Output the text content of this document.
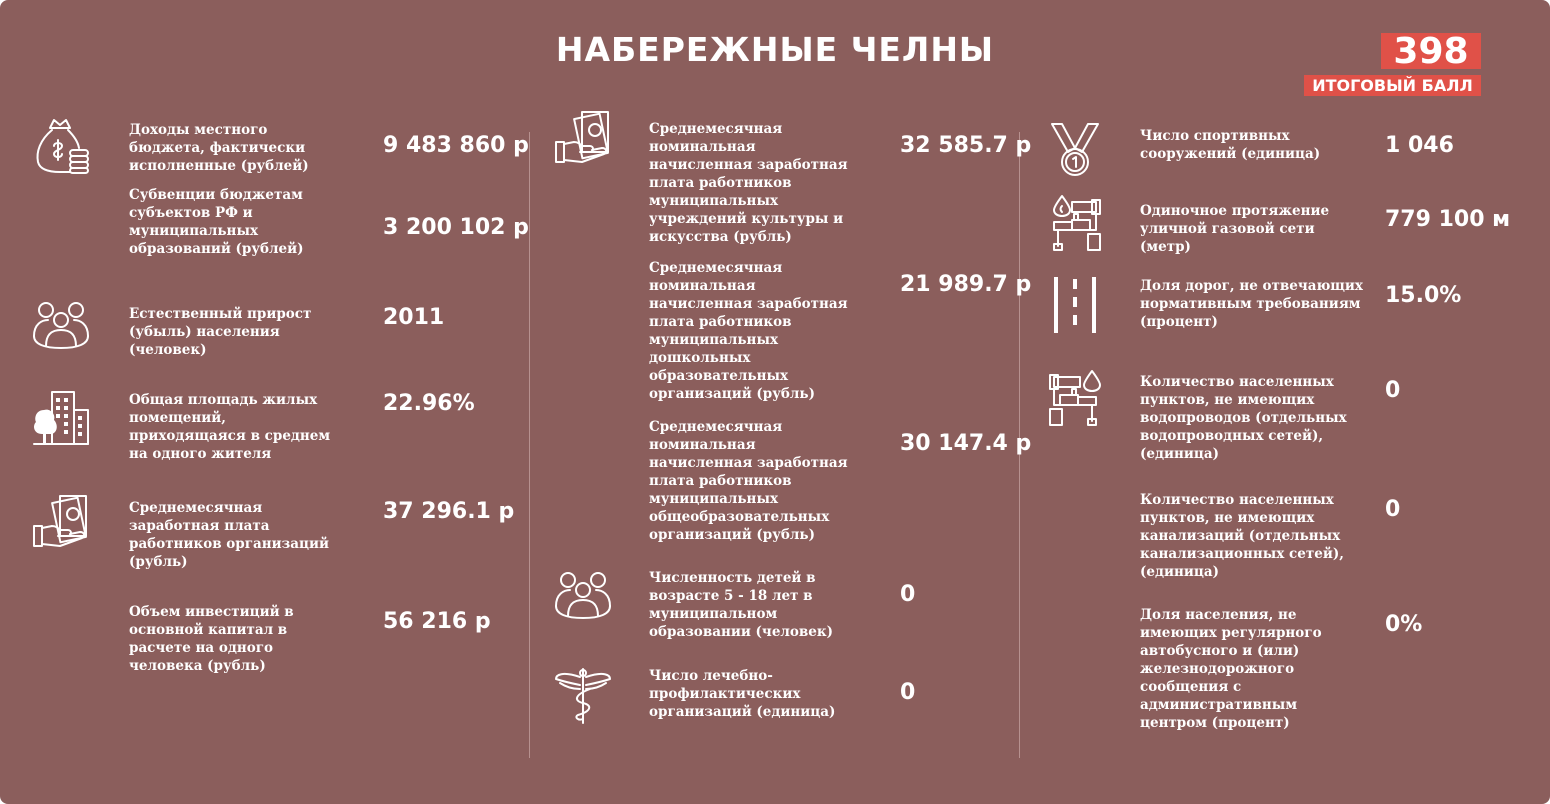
НАБЕРЕЖНЫЕ ЧЕЛНЫ	398
ИТОГОВЫЙ БАЛЛ
Доходы местного бюджета, фактически исполненные (рублей)
9 483 860 р
Субвенции бюджетам субъектов РФ и муниципальных образований (рублей)
3 200 102 р
Естественный прирост (убыль) населения (человек)
2011
Общая площадь жилых помещений, приходящаяся в среднем на одного жителя
22.96%
Среднемесячная заработная плата работников организаций (рубль)
37 296.1 р
Объем инвестиций в основной капитал в расчете на одного человека (рубль)
56 216 р
Среднемесячная номинальная начисленная заработная плата работников муниципальных учреждений культуры и искусства (рубль)
32 585.7 р
Среднемесячная номинальная начисленная заработная плата работников муниципальных дошкольных образовательных организаций (рубль)
21 989.7 р
Среднемесячная номинальная начисленная заработная плата работников муниципальных общеобразовательных организаций (рубль)
30 147.4 р
Численность детей в возрасте 5 - 18 лет в муниципальном образовании (человек)
0
Число лечебно-профилактических организаций (единица)
0
Число спортивных сооружений (единица)	1 046
Одиночное протяжение уличной газовой сети (метр)
779 100 м
Доля дорог, не отвечающих нормативным требованиям (процент)
15.0%
Количество населенных пунктов, не имеющих водопроводов (отдельных водопроводных сетей), (единица)
0
Количество населенных пунктов, не имеющих канализаций (отдельных канализационных сетей), (единица)
0
Доля населения, не имеющих регулярного автобусного и (или) железнодорожного сообщения с административным центром (процент)
0%
